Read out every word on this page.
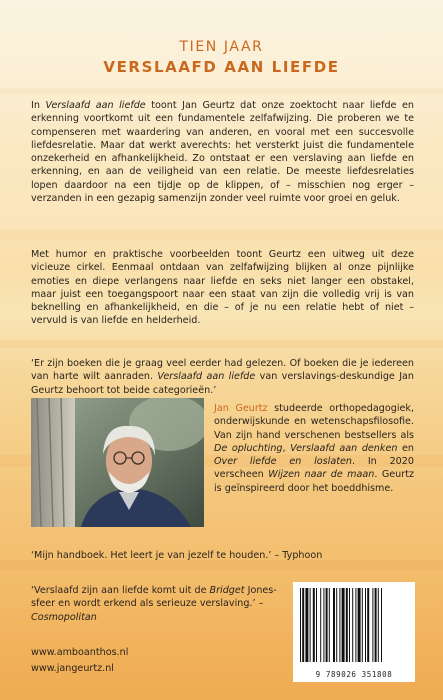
TIEN JAAR
VERSLAAFD AAN LIEFDE

In Verslaafd aan liefde toont Jan Geurtz dat onze zoektocht naar liefde en erkenning voortkomt uit een fundamentele zelfafwijzing. Die proberen we te compenseren met waardering van anderen, en vooral met een succesvolle liefdesrelatie. Maar dat werkt averechts: het versterkt juist die fundamentele onzekerheid en afhankelijkheid. Zo ontstaat er een verslaving aan liefde en erkenning, en aan de veiligheid van een relatie. De meeste liefdesrelaties lopen daardoor na een tijdje op de klippen, of – misschien nog erger – verzanden in een gezapig samenzijn zonder veel ruimte voor groei en geluk.

Met humor en praktische voorbeelden toont Geurtz een uitweg uit deze vicieuze cirkel. Eenmaal ontdaan van zelfafwijzing blijken al onze pijnlijke emoties en diepe verlangens naar liefde en seks niet langer een obstakel, maar juist een toegangspoort naar een staat van zijn die volledig vrij is van beknelling en afhankelijkheid, en die – of je nu een relatie hebt of niet – vervuld is van liefde en helderheid.

‘Er zijn boeken die je graag veel eerder had gelezen. Of boeken die je iedereen van harte wilt aanraden. Verslaafd aan liefde van verslavings-deskundige Jan Geurtz behoort tot beide categorieën.’

Jan Geurtz studeerde orthopedagogiek, onderwijskunde en wetenschapsfilosofie. Van zijn hand verschenen bestsellers als De opluchting, Verslaafd aan denken en Over liefde en loslaten. In 2020 verscheen Wijzen naar de maan. Geurtz is geïnspireerd door het boeddhisme.

‘Mijn handboek. Het leert je van jezelf te houden.’ – Typhoon

‘Verslaafd zijn aan liefde komt uit de Bridget Jones-sfeer en wordt erkend als serieuze verslaving.’ – Cosmopolitan

www.amboanthos.nl
www.jangeurtz.nl
9 789026 351808
